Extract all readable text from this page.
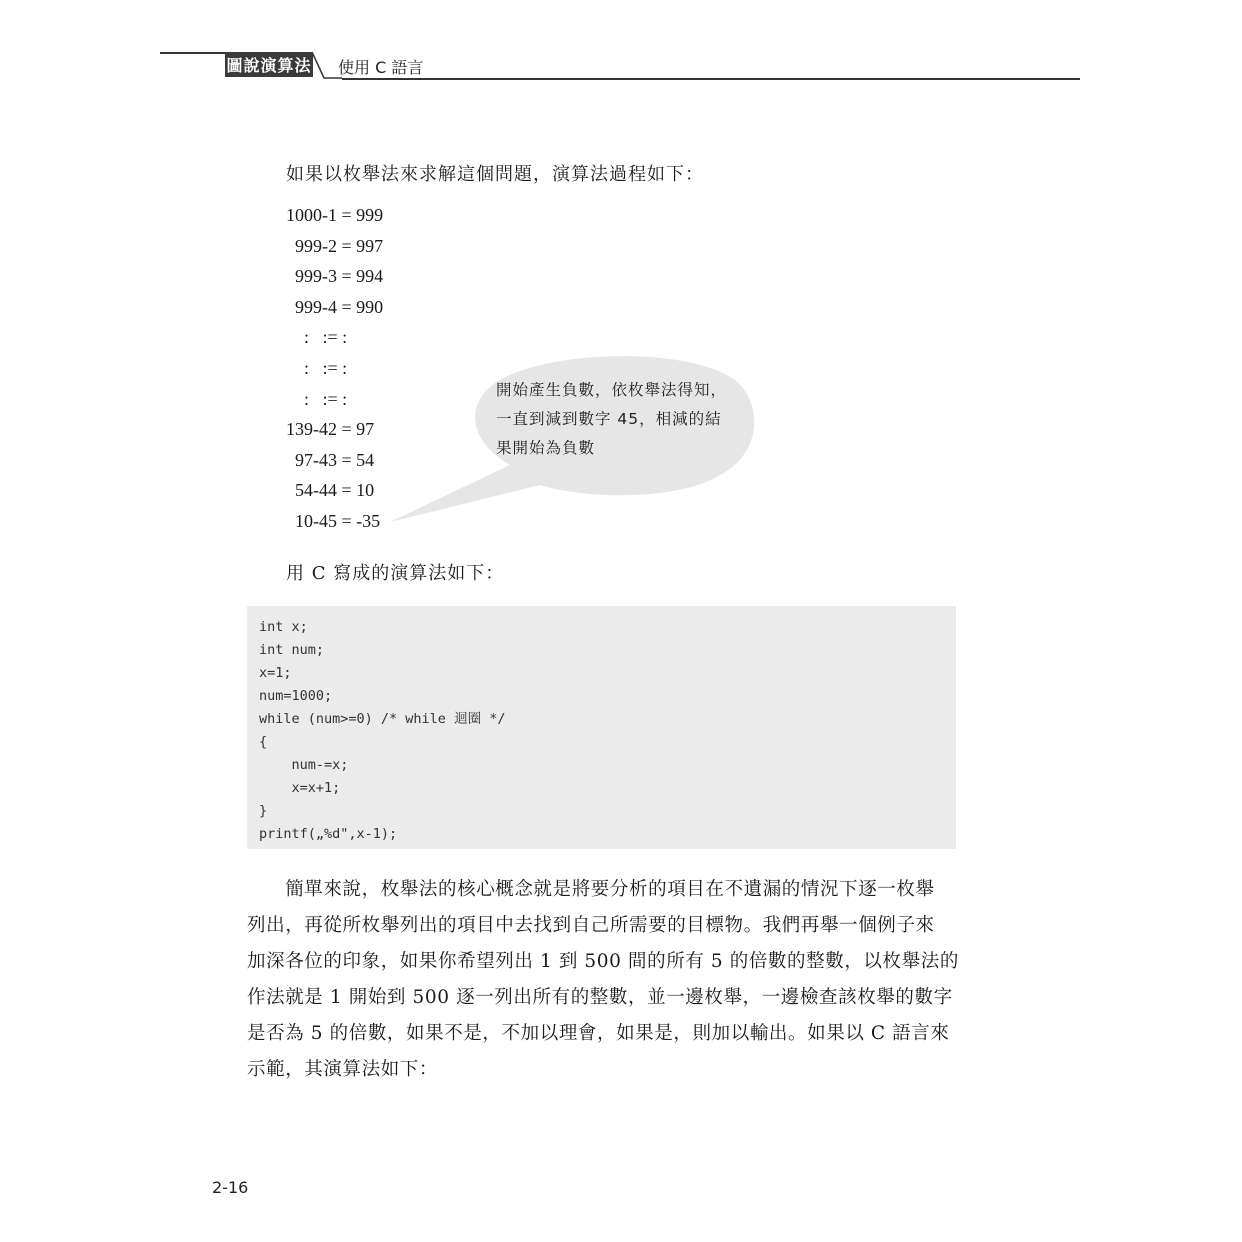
圖說演算法 使用 C 語言
如果以枚舉法來求解這個問題，演算法過程如下：
1000-1 = 999
999-2 = 997
999-3 = 994
999-4 = 990
:   := :
:   := :
:   := :
139-42 = 97
97-43 = 54
54-44 = 10
10-45 = -35
開始產生負數，依枚舉法得知，一直到減到數字 45，相減的結果開始為負數
用 C 寫成的演算法如下：
int x;
int num;
x=1;
num=1000;
while (num>=0) /* while 迴圈 */
{
num-=x;
x=x+1;
}
printf(„%d",x-1);
　　簡單來說，枚舉法的核心概念就是將要分析的項目在不遺漏的情況下逐一枚舉
列出，再從所枚舉列出的項目中去找到自己所需要的目標物。我們再舉一個例子來
加深各位的印象，如果你希望列出 1 到 500 間的所有 5 的倍數的整數，以枚舉法的
作法就是 1 開始到 500 逐一列出所有的整數，並一邊枚舉，一邊檢查該枚舉的數字
是否為 5 的倍數，如果不是，不加以理會，如果是，則加以輸出。如果以 C 語言來
示範，其演算法如下：
2-16
